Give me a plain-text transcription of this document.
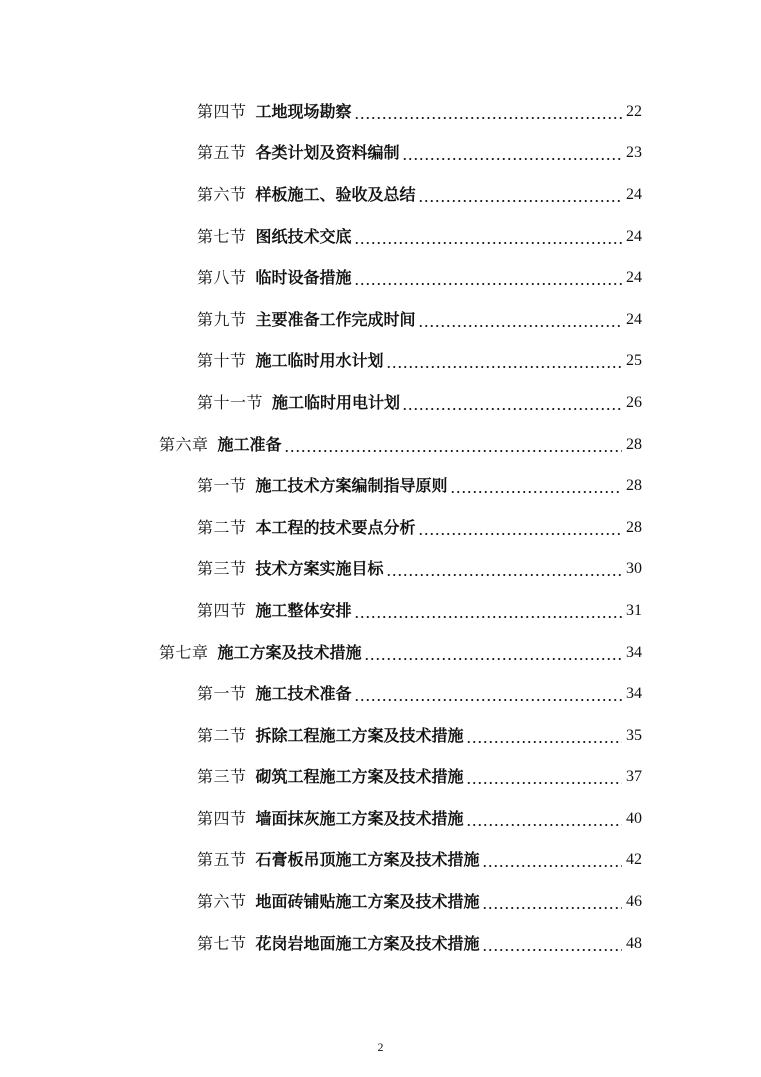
第四节 工地现场勘察	22
第五节 各类计划及资料编制	23
第六节 样板施工、验收及总结	24
第七节 图纸技术交底	24
第八节 临时设备措施	24
第九节 主要准备工作完成时间	24
第十节 施工临时用水计划	25
第十一节 施工临时用电计划	26
第六章 施工准备	28
第一节 施工技术方案编制指导原则	28
第二节 本工程的技术要点分析	28
第三节 技术方案实施目标	30
第四节 施工整体安排	31
第七章 施工方案及技术措施	34
第一节 施工技术准备	34
第二节 拆除工程施工方案及技术措施	35
第三节 砌筑工程施工方案及技术措施	37
第四节 墙面抹灰施工方案及技术措施	40
第五节 石膏板吊顶施工方案及技术措施	42
第六节 地面砖铺贴施工方案及技术措施	46
第七节 花岗岩地面施工方案及技术措施	48
2
